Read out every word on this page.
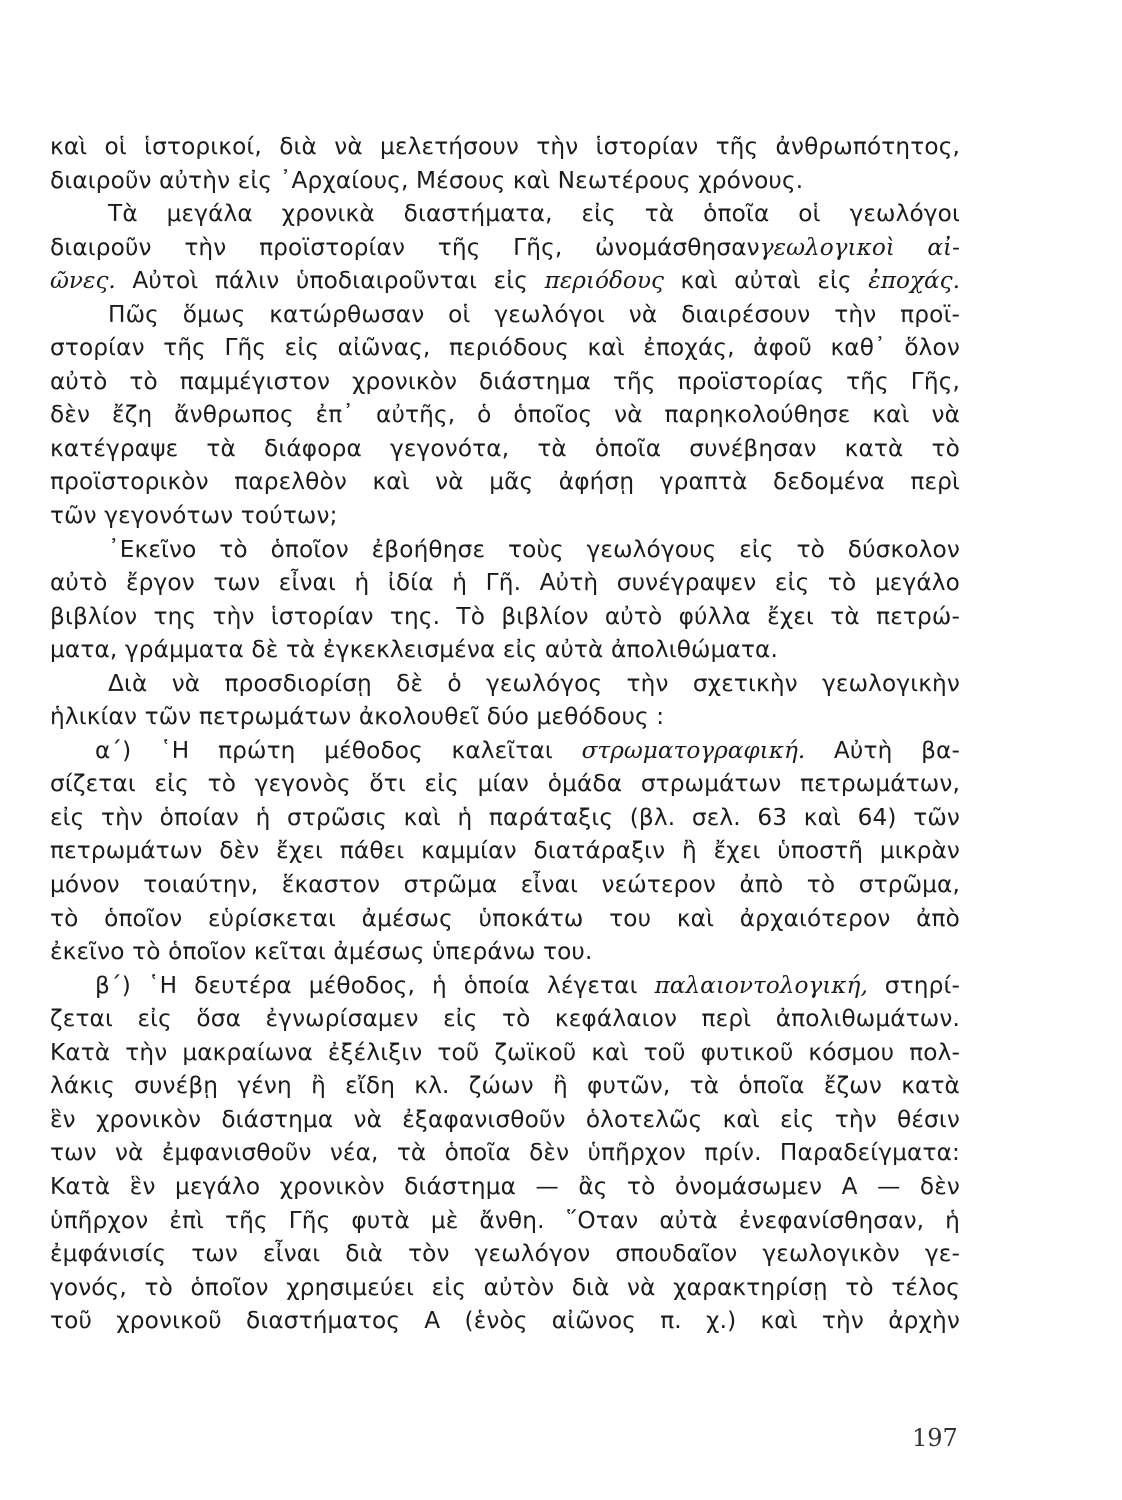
καὶ οἱ ἱστορικοί, διὰ νὰ μελετήσουν τὴν ἱστορίαν τῆς ἀνθρωπότητος,
διαιροῦν αὐτὴν εἰς ᾿Αρχαίους, Μέσους καὶ Νεωτέρους χρόνους.
Τὰ μεγάλα χρονικὰ διαστήματα, εἰς τὰ ὁποῖα οἱ γεωλόγοι
διαιροῦν τὴν προϊστορίαν τῆς Γῆς, ὠνομάσθησανγεωλογικοὶ αἰ-
ῶνες. Αὐτοὶ πάλιν ὑποδιαιροῦνται εἰς περιόδους καὶ αὐταὶ εἰς ἐποχάς.
Πῶς ὅμως κατώρθωσαν οἱ γεωλόγοι νὰ διαιρέσουν τὴν προϊ-
στορίαν τῆς Γῆς εἰς αἰῶνας, περιόδους καὶ ἐποχάς, ἀφοῦ καθ᾿ ὅλον
αὐτὸ τὸ παμμέγιστον χρονικὸν διάστημα τῆς προϊστορίας τῆς Γῆς,
δὲν ἔζη ἄνθρωπος ἐπ᾿ αὐτῆς, ὁ ὁποῖος νὰ παρηκολούθησε καὶ νὰ
κατέγραψε τὰ διάφορα γεγονότα, τὰ ὁποῖα συνέβησαν κατὰ τὸ
προϊστορικὸν παρελθὸν καὶ νὰ μᾶς ἀφήσῃ γραπτὰ δεδομένα περὶ
τῶν γεγονότων τούτων;
᾿Εκεῖνο τὸ ὁποῖον ἐβοήθησε τοὺς γεωλόγους εἰς τὸ δύσκολον
αὐτὸ ἔργον των εἶναι ἡ ἰδία ἡ Γῆ. Αὐτὴ συνέγραψεν εἰς τὸ μεγάλο
βιβλίον της τὴν ἱστορίαν της. Τὸ βιβλίον αὐτὸ φύλλα ἔχει τὰ πετρώ-
ματα, γράμματα δὲ τὰ ἐγκεκλεισμένα εἰς αὐτὰ ἀπολιθώματα.
Διὰ νὰ προσδιορίσῃ δὲ ὁ γεωλόγος τὴν σχετικὴν γεωλογικὴν
ἡλικίαν τῶν πετρωμάτων ἀκολουθεῖ δύο μεθόδους :
α΄) ῾Η πρώτη μέθοδος καλεῖται στρωματογραφική. Αὐτὴ βα-
σίζεται εἰς τὸ γεγονὸς ὅτι εἰς μίαν ὁμάδα στρωμάτων πετρωμάτων,
εἰς τὴν ὁποίαν ἡ στρῶσις καὶ ἡ παράταξις (βλ. σελ. 63 καὶ 64) τῶν
πετρωμάτων δὲν ἔχει πάθει καμμίαν διατάραξιν ἢ ἔχει ὑποστῆ μικρὰν
μόνον τοιαύτην, ἕκαστον στρῶμα εἶναι νεώτερον ἀπὸ τὸ στρῶμα,
τὸ ὁποῖον εὑρίσκεται ἀμέσως ὑποκάτω του καὶ ἀρχαιότερον ἀπὸ
ἐκεῖνο τὸ ὁποῖον κεῖται ἀμέσως ὑπεράνω του.
β΄) ῾Η δευτέρα μέθοδος, ἡ ὁποία λέγεται παλαιοντολογική, στηρί-
ζεται εἰς ὅσα ἐγνωρίσαμεν εἰς τὸ κεφάλαιον περὶ ἀπολιθωμάτων.
Κατὰ τὴν μακραίωνα ἐξέλιξιν τοῦ ζωϊκοῦ καὶ τοῦ φυτικοῦ κόσμου πολ-
λάκις συνέβῃ γένη ἢ εἴδη κλ. ζώων ἢ φυτῶν, τὰ ὁποῖα ἔζων κατὰ
ἓν χρονικὸν διάστημα νὰ ἐξαφανισθοῦν ὁλοτελῶς καὶ εἰς τὴν θέσιν
των νὰ ἐμφανισθοῦν νέα, τὰ ὁποῖα δὲν ὑπῆρχον πρίν. Παραδείγματα:
Κατὰ ἓν μεγάλο χρονικὸν διάστημα — ἂς τὸ ὀνομάσωμεν Α — δὲν
ὑπῆρχον ἐπὶ τῆς Γῆς φυτὰ μὲ ἄνθη. ῞Οταν αὐτὰ ἐνεφανίσθησαν, ἡ
ἐμφάνισίς των εἶναι διὰ τὸν γεωλόγον σπουδαῖον γεωλογικὸν γε-
γονός, τὸ ὁποῖον χρησιμεύει εἰς αὐτὸν διὰ νὰ χαρακτηρίσῃ τὸ τέλος
τοῦ χρονικοῦ διαστήματος Α (ἑνὸς αἰῶνος π. χ.) καὶ τὴν ἀρχὴν
197
